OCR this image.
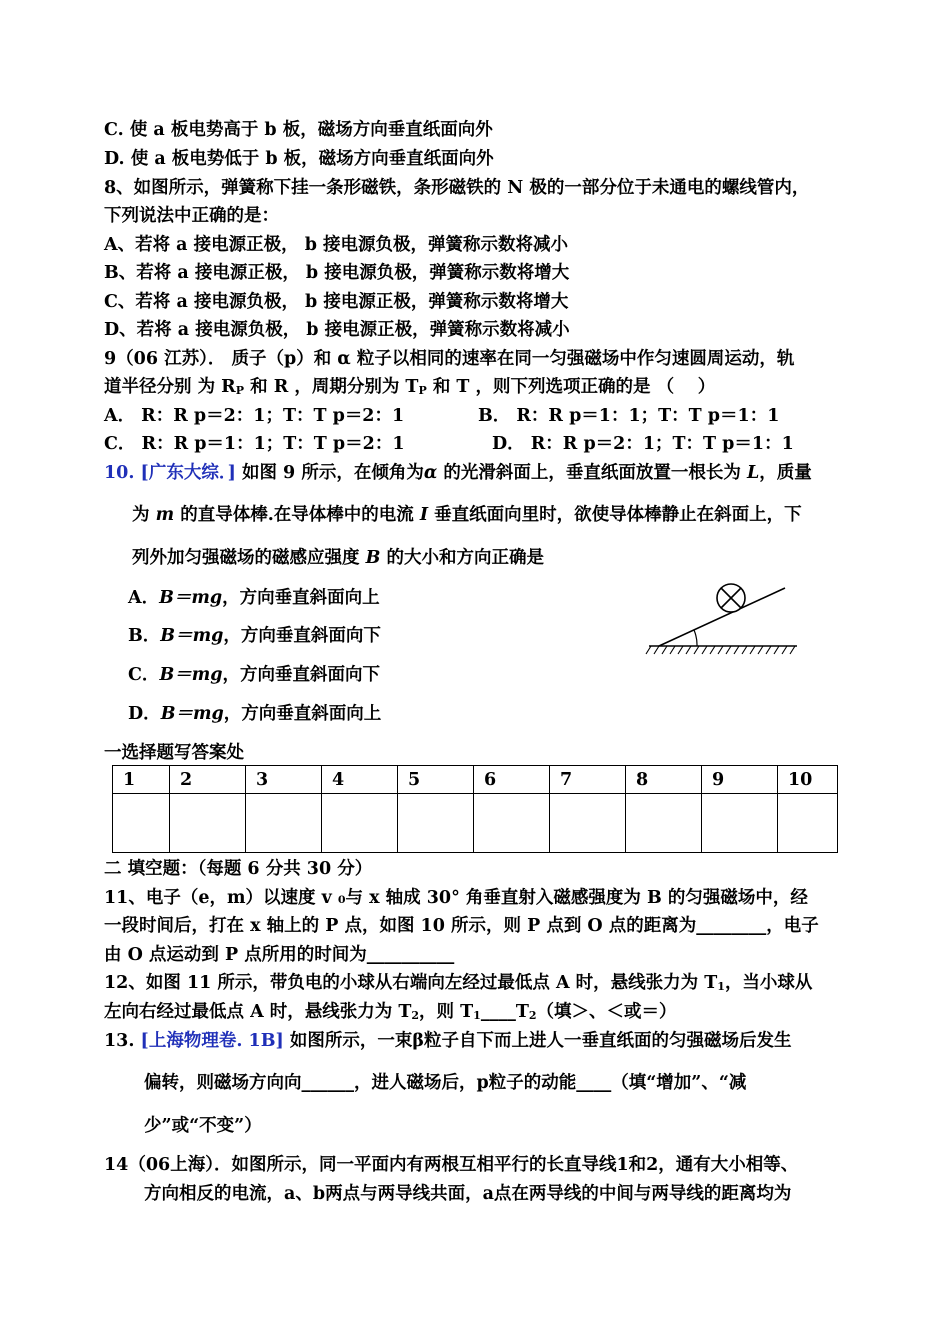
C. 使 a 板电势高于 b 板，磁场方向垂直纸面向外
D. 使 a 板电势低于 b 板，磁场方向垂直纸面向外
8、如图所示，弹簧称下挂一条形磁铁，条形磁铁的 N 极的一部分位于未通电的螺线管内，
下列说法中正确的是：
A、若将 a 接电源正极， b 接电源负极，弹簧称示数将减小
B、若将 a 接电源正极， b 接电源负极，弹簧称示数将增大
C、若将 a 接电源负极， b 接电源正极，弹簧称示数将增大
D、若将 a 接电源负极， b 接电源正极，弹簧称示数将减小
9（06 江苏）． 质子（p）和 α 粒子以相同的速率在同一匀强磁场中作匀速圆周运动，轨
道半径分别 为 $R_P$ 和 R ，周期分别为 $T_P$ 和 T ，则下列选项正确的是 （　 ）
A． R：R p＝2：1；T：T p＝2：1	B． R：R p＝1：1；T：T p＝1：1
C． R：R p＝1：1；T：T p＝2：1	D． R：R p＝2：1；T：T p＝1：1
10. [广东大综．] 如图 9 所示，在倾角为α 的光滑斜面上，垂直纸面放置一根长为 L，质量
为 m 的直导体棒.在导体棒中的电流 I 垂直纸面向里时，欲使导体棒静止在斜面上，下
列外加匀强磁场的磁感应强度 B 的大小和方向正确是
A．B＝mg，方向垂直斜面向上
B．B＝mg，方向垂直斜面向下
C．B＝mg，方向垂直斜面向下
D．B＝mg，方向垂直斜面向上
一选择题写答案处
1	2	3	4	5	6	7	8	9	10

二 填空题：（每题 6 分共 30 分）
11、电子（e，m）以速度 v ₀与 x 轴成 30° 角垂直射入磁感强度为 B 的匀强磁场中，经
一段时间后，打在 x 轴上的 P 点，如图 10 所示，则 P 点到 O 点的距离为________，电子
由 O 点运动到 P 点所用的时间为__________
12、如图 11 所示，带负电的小球从右端向左经过最低点 A 时，悬线张力为 $T_1$，当小球从
左向右经过最低点 A 时，悬线张力为 $T_2$，则 $T_1\_\_\_\_T_2$（填＞、＜或＝）
13. [上海物理卷. 1B] 如图所示，一束β粒子自下而上进人一垂直纸面的匀强磁场后发生
偏转，则磁场方向向______，进人磁场后，p粒子的动能____（填“增加”、“减
少”或“不变”）
14（06上海）．如图所示，同一平面内有两根互相平行的长直导线1和2，通有大小相等、
方向相反的电流，a、b两点与两导线共面，a点在两导线的中间与两导线的距离均为
